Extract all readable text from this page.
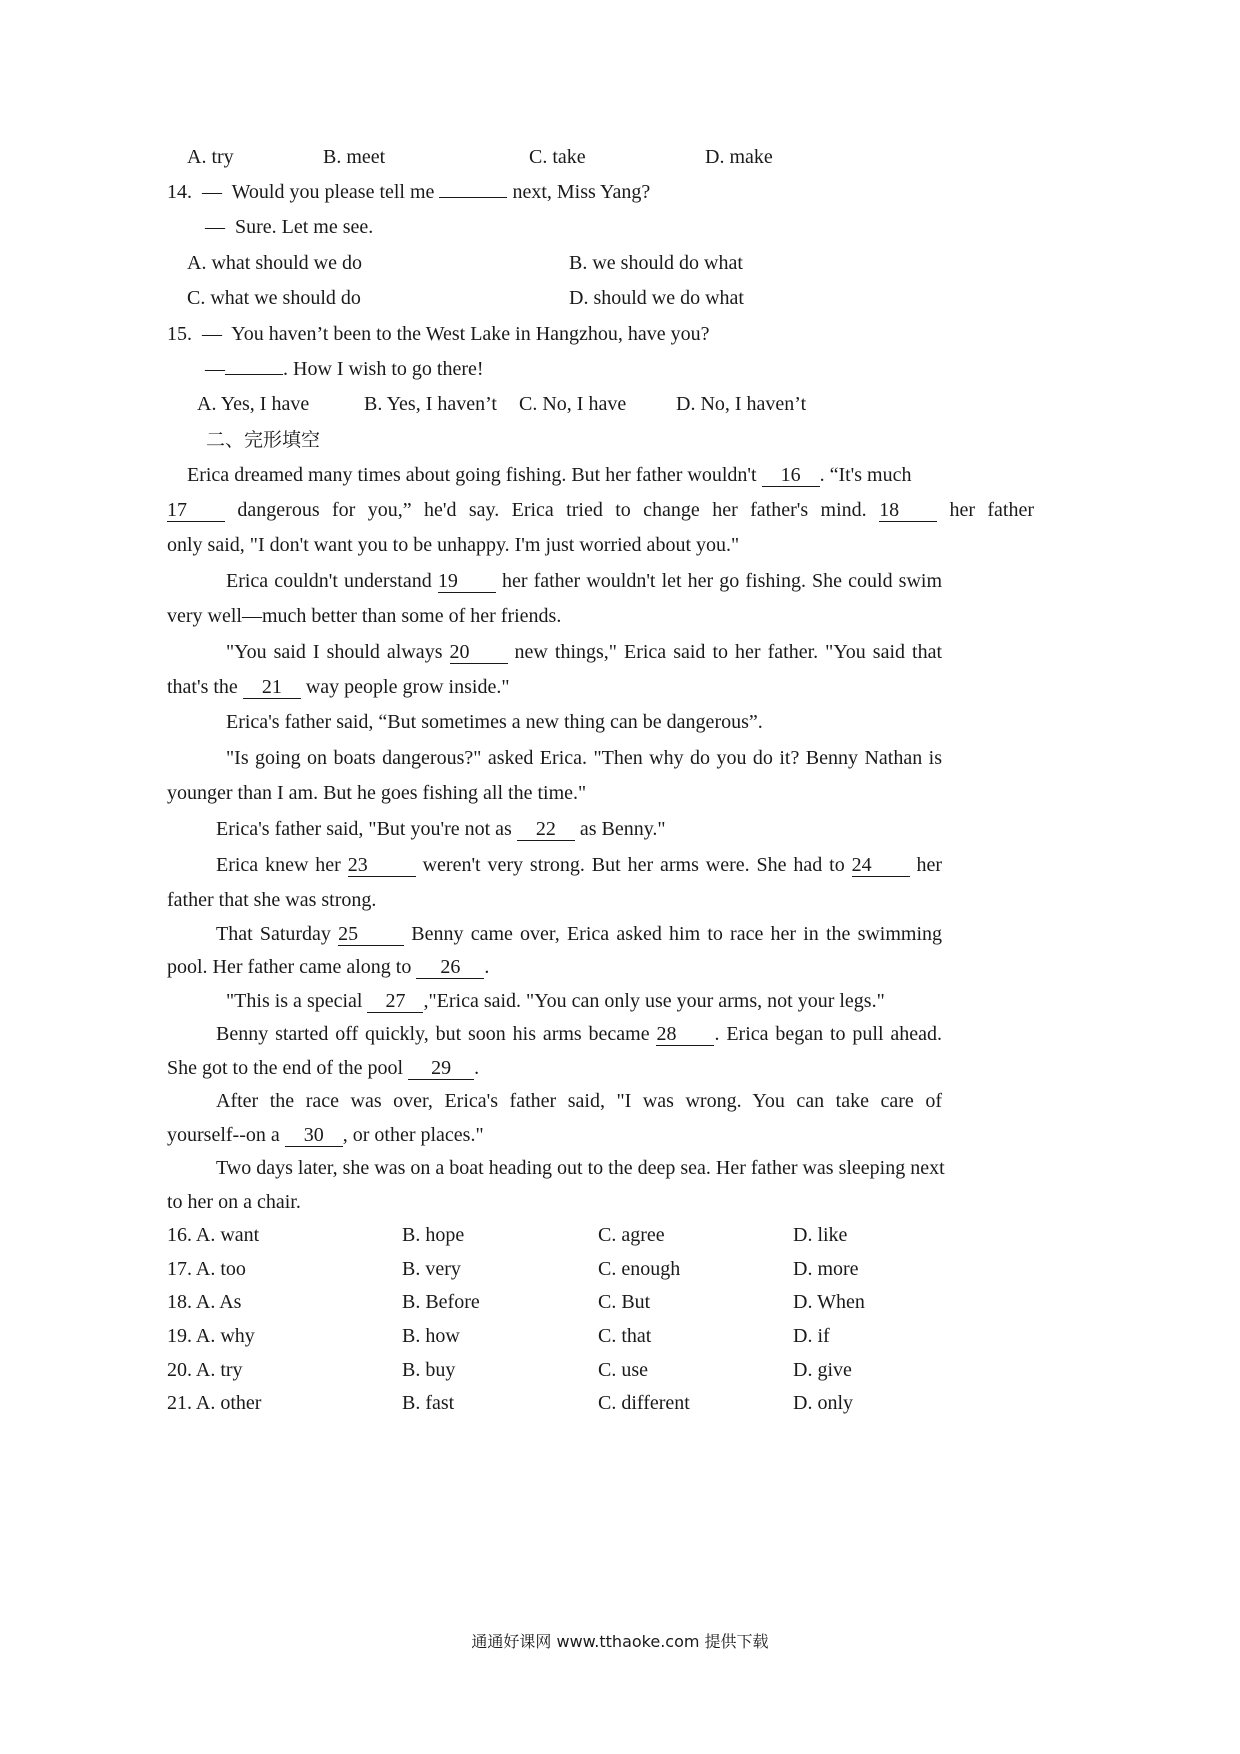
A. try	B. meet	C. take	D. make
14. — Would you please tell me	next, Miss Yang?
— Sure. Let me see.
A. what should we do	B. we should do what
C. what we should do	D. should we do what
15. — You haven’t been to the West Lake in Hangzhou, have you?
—	. How I wish to go there!
A. Yes, I have	B. Yes, I haven’t C. No, I have D. No, I haven’t
二、完形填空
Erica dreamed many times about going fishing. But her father wouldn't 16 . “It's much
17	dangerous for you,” he'd say. Erica tried to change her father's mind. 18	her father
only said, "I don't want you to be unhappy. I'm just worried about you."
Erica couldn't understand 19 her father wouldn't let her go fishing. She could swim
very well—much better than some of her friends.
"You said I should always 20 new things," Erica said to her father. "You said that
that's the 21 way people grow inside."
Erica's father said, “But sometimes a new thing can be dangerous”.
"Is going on boats dangerous?" asked Erica. "Then why do you do it? Benny Nathan is
younger than I am. But he goes fishing all the time."
Erica's father said, "But you're not as 22 as Benny."
Erica knew her 23	weren't very strong. But her arms were. She had to 24 her
father that she was strong.
That Saturday 25	Benny came over, Erica asked him to race her in the swimming
pool. Her father came along to 26 .
"This is a special 27 ,"Erica said. "You can only use your arms, not your legs."
Benny started off quickly, but soon his arms became 28 . Erica began to pull ahead.
She got to the end of the pool 29 .
After the race was over, Erica's father said, "I was wrong. You can take care of
yourself--on a 30 , or other places."
Two days later, she was on a boat heading out to the deep sea. Her father was sleeping next
to her on a chair.
16. A. want	B. hope	C. agree	D. like
17. A. too	B. very	C. enough	D. more
18. A. As	B. Before	C. But	D. When
19. A. why	B. how	C. that	D. if
20. A. try	B. buy	C. use	D. give
21. A. other	B. fast	C. different	D. only
通通好课网 www.tthaoke.com 提供下载
